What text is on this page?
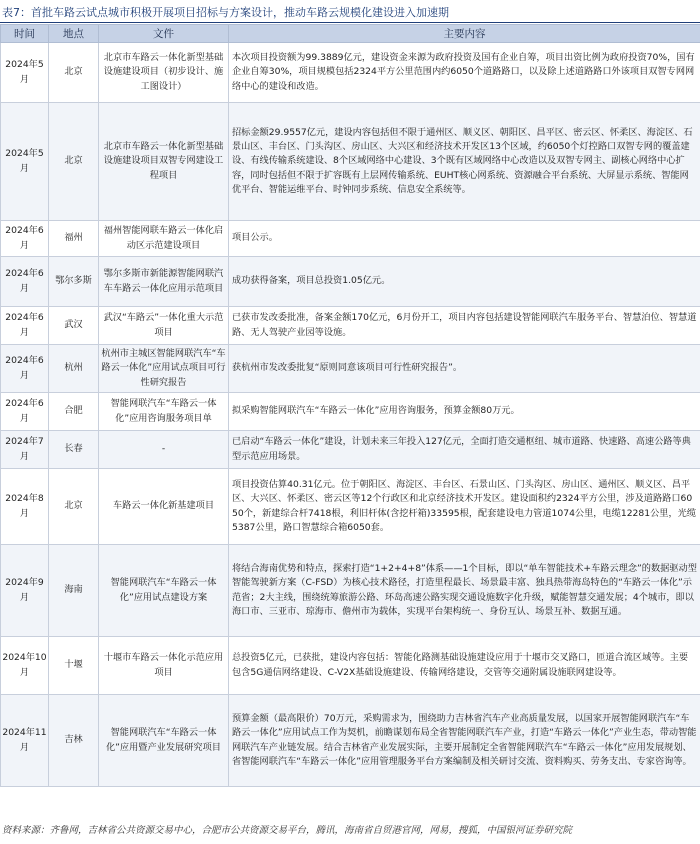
表7：首批车路云试点城市积极开展项目招标与方案设计，推动车路云规模化建设进入加速期
时间	地点	文件	主要内容
2024年5月	北京	北京市车路云一体化新型基础设施建设项目（初步设计、施工图设计）	本次项目投资额为99.3889亿元，建设资金来源为政府投资及国有企业自筹，项目出资比例为政府投资70%，国有企业自筹30%，项目规模包括2324平方公里范围内约6050个道路路口，以及除上述道路路口外该项目双智专网网络中心的建设和改造。
2024年5月	北京	北京市车路云一体化新型基础设施建设项目双智专网建设工程项目	招标金额29.9557亿元，建设内容包括但不限于通州区、顺义区、朝阳区、昌平区、密云区、怀柔区、海淀区、石景山区、丰台区、门头沟区、房山区、大兴区和经济技术开发区13个区域，约6050个灯控路口双智专网的覆盖建设、有线传输系统建设、8个区域网络中心建设、3个既有区域网络中心改造以及双智专网主、副核心网络中心扩容，同时包括但不限于扩容既有上层网传输系统、EUHT核心网系统、资源融合平台系统、大屏显示系统、智能网优平台、智能运维平台、时钟同步系统、信息安全系统等。
2024年6月	福州	福州智能网联车路云一体化启动区示范建设项目	项目公示。
2024年6月	鄂尔多斯	鄂尔多斯市新能源智能网联汽车车路云一体化应用示范项目	成功获得备案，项目总投资1.05亿元。
2024年6月	武汉	武汉“车路云”一体化重大示范项目	已获市发改委批准，备案金额170亿元，6月份开工，项目内容包括建设智能网联汽车服务平台、智慧泊位、智慧道路、无人驾驶产业园等设施。
2024年6月	杭州	杭州市主城区智能网联汽车“车路云一体化”应用试点项目可行性研究报告	获杭州市发改委批复“原则同意该项目可行性研究报告”。
2024年6月	合肥	智能网联汽车“车路云一体化”应用咨询服务项目单	拟采购智能网联汽车“车路云一体化”应用咨询服务，预算金额80万元。
2024年7月	长春	-	已启动“车路云一体化”建设，计划未来三年投入127亿元，全面打造交通枢纽、城市道路、快速路、高速公路等典型示范应用场景。
2024年8月	北京	车路云一体化新基建项目	项目投资估算40.31亿元。位于朝阳区、海淀区、丰台区、石景山区、门头沟区、房山区、通州区、顺义区、昌平区、大兴区、怀柔区、密云区等12个行政区和北京经济技术开发区。建设面积约2324平方公里，涉及道路路口6050个，新建综合杆7418根，利旧杆体(含挖杆箱)33595根，配套建设电力管道1074公里，电缆12281公里，光缆5387公里，路口智慧综合箱6050套。
2024年9月	海南	智能网联汽车“车路云一体化”应用试点建设方案	将结合海南优势和特点，探索打造“1+2+4+8”体系——1个目标，即以“单车智能技术+车路云理念”的数据驱动型智能驾驶新方案（C-FSD）为核心技术路径，打造里程最长、场景最丰富、独具热带海岛特色的“车路云一体化”示范省；2大主线，围绕统筹旅游公路、环岛高速公路实现交通设施数字化升级，赋能智慧交通发展；4个城市，即以海口市、三亚市、琼海市、儋州市为载体，实现平台架构统一、身份互认、场景互补、数据互通。
2024年10月	十堰	十堰市车路云一体化示范应用项目	总投资5亿元，已获批，建设内容包括：智能化路测基础设施建设应用于十堰市交叉路口，匝道合流区域等。主要包含5G通信网络建设、C-V2X基础设施建设、传输网络建设，交管等交通附属设施联网建设等。
2024年11月	吉林	智能网联汽车“车路云一体化”应用暨产业发展研究项目	预算金额（最高限价）70万元，采购需求为，围绕助力吉林省汽车产业高质量发展，以国家开展智能网联汽车“车路云一体化”应用试点工作为契机，前瞻谋划布局全省智能网联汽车产业，打造“车路云一体化”产业生态，带动智能网联汽车产业链发展。结合吉林省产业发展实际，主要开展制定全省智能网联汽车“车路云一体化”应用发展规划、省智能网联汽车“车路云一体化”应用管理服务平台方案编制及相关研讨交流、资料购买、劳务支出、专家咨询等。
资料来源：齐鲁网，吉林省公共资源交易中心，合肥市公共资源交易平台，腾讯，海南省自贸港官网，网易，搜狐，中国银河证券研究院
